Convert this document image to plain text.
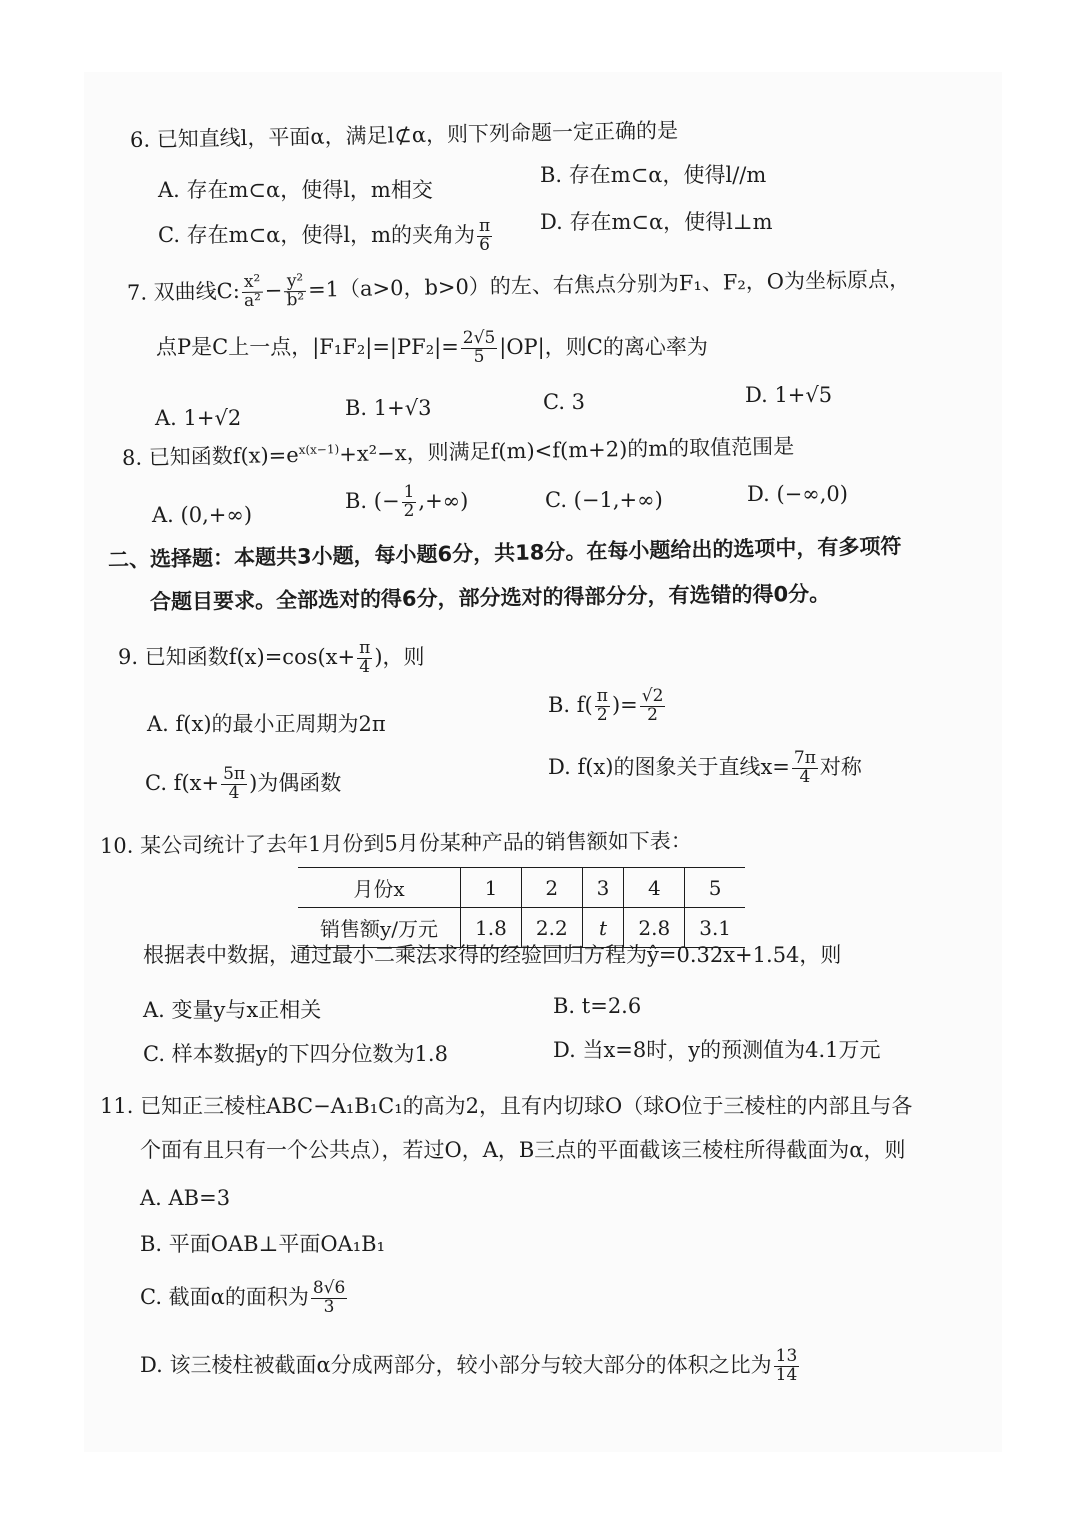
6. 已知直线l，平面α，满足l⊄α，则下列命题一定正确的是
A. 存在m⊂α，使得l，m相交
B. 存在m⊂α，使得l//m
C. 存在m⊂α，使得l，m的夹角为 $\frac{\pi}{6} D$. 存在m⊂α，使得l⊥m
7. 双曲线C: $\frac{\text{x²}}{\text{a²}} - \frac{\text{y²}}{\text{b²}} =1(a>0$，b>0）的左、右焦点分别为F₁、F₂，O为坐标原点，
点P是C上一点，$|F_1F_2|=|PF_2|= \frac{2√5}{5} |OP|$，则C的离心率为
A. 1+√2	B. 1+√3	C. 3	D. 1+√5
8. 已知函数$f(x)=e^{x(x-1)}+x^2-x$，则满足f(m)<f(m+2)的m的取值范围是
A. (0,+∞)
B. (− $\frac{1}{2}$ ,+∞)	C. (−1,+∞)	D. (−∞,0)
二、选择题：本题共3小题，每小题6分，共18分。在每小题给出的选项中，有多项符
合题目要求。全部选对的得6分，部分选对的得部分分，有选错的得0分。
9. 已知函数$f(x)=\cos(x+ \frac{\pi}{4}$ )，则
A. f(x)的最小正周期为2π
B. $f( \frac{\pi}{2}$ )= $\frac{√2}{2}$
C. $f(x+ \frac{5\pi}{4}$ )为偶函数
D. f(x)的图象关于直线$x= \frac{7\pi}{4}$ 对称
10. 某公司统计了去年1月份到5月份某种产品的销售额如下表：
月份x	1	2	3	4	5
销售额y/万元	1.8	2.2	t	2.8	3.1
根据表中数据，通过最小二乘法求得的经验回归方程为ŷ=0.32x+1.54，则
A. 变量y与x正相关	B. t=2.6
C. 样本数据y的下四分位数为1.8	D. 当x=8时，y的预测值为4.1万元
11. 已知正三棱柱ABC−A₁B₁C₁的高为2，且有内切球O（球O位于三棱柱的内部且与各
个面有且只有一个公共点），若过O，A，B三点的平面截该三棱柱所得截面为α，则
A. AB=3
B. 平面OAB⊥平面OA₁B₁
C. 截面α的面积为 $\frac{8√6}{3}$
D. 该三棱柱被截面α分成两部分，较小部分与较大部分的体积之比为 $\frac{13}{14}$
